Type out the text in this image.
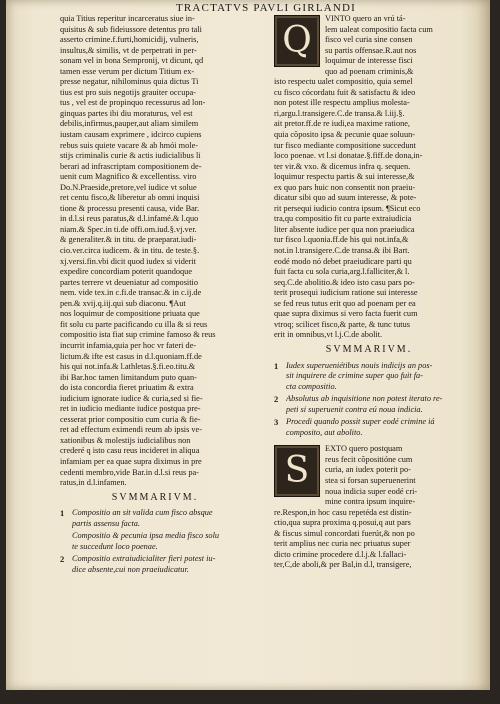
TRACTATVS PAVLI GIRLANDI
quia Titius reperitur incarceratus siue in-
quisitus & sub fideiussore detentus pro tali
asserto crimine.f.furti,homicidij, vulneris,
insultus,& similis, vt de perpetrati in per-
sonam vel in bona Sempronij, vt dicunt, qd
tamen esse verum per dictum Titium ex-
presse negatur, nihilominus quia dictus Ti
tius est pro suis negotijs grauiter occupa-
tus , vel est de propinquo recessurus ad lon-
ginquas partes ibi diu moraturus, vel est
debilis,infirmus,pauper,aut aliam similem
iustam causam exprimere , idcirco cupiens
rebus suis quiete vacare & ab hmói mole-
stijs criminalis curie & actis iudicialibus li
berari ad infrascriptam compositionem de-
uenit cum Magnifico & excellentiss. viro
Do.N.Praeside,pretore,vel iudice vt solue
ret centu fisco,& liberetur ab omni inquisi
tione & processu presenti causa, vide Bar.
in d.l.si reus paratus,& d.l.infamé.& l.quo
niam.& Spec.in ti.de offi.om.iud.§.vj.ver.
& generaliter.& in titu. de praeparat.iudi-
cio.ver.circa iudicem. & in titu. de teste.§.
xj.versi.fin.vbi dicit quod iudex si viderit
expedire concordiam poterit quandoque
partes terrere vt deueniatur ad compositio
nem. vide tex.in c.fi.de transac.& in c.ij.de
pen.& xvij.q.iij.qui sub diaconu. ¶Aut
nos loquimur de compositione priuata que
fit solu cu parte pacificando cu illa & si reus
compositio ista fiat sup crimine famoso & reus
incurrit infamia,quia per hoc vr fateri de-
lictum.& ifte est casus in d.l.quoniam.ff.de
his qui not.infa.& l.athletas.§.fi.eo.titu.&
ibi Bar.hoc tamen limitandum puto quan-
do ista concordia fieret priuatim & extra
iudicium ignorate iudice & curia,sed si fie-
ret in iudicio mediante iudice postqua pre-
cesserat prior compositio cum curia & fie-
ret ad effectum eximendi reum ab ipsis ve-
xationibus & molestijs iudicialibus non
crederé q isto casu reus incideret in aliqua
infamiam per ea quae supra diximus in pre
cedenti membro,vide Bar.in d.l.si reus pa-
ratus,in d.l.infamen.
SVMMARIVM.
1 Compositio an sit valida cum fisco absque
partis assensu facta.
Compositio & pecunia ipsa media fisco solu
te succedunt loco poenae.
2 Compositio extraiudicialiter fieri potest iu-
dice absente,cui non praeiudicatur.
Q
VINTO quero an vrú tá-
lem ualeat compositio facta cum
fisco vel curia sine consen
su partis offensae.R.aut nos
loquimur de interesse fisci
quo ad poenam criminis,&
isto respectu ualet compositio, quia semel
cu fisco cócordatu fuit & satisfactu & ideo
non potest ille respectu amplius molesta-
ri,argu.l.transigere.C.de transa.& l.iij.§.
ait pretor.ff.de re iudi,ea maxime ratione,
quia cõposito ipsa & pecunie quae soluun-
tur fisco mediante compositione succedunt
loco poenae. vt l.si donatae.§.fiff.de dona,in-
ter vir.& vxo. & dicemus infra q. sequen.
loquimur respectu partis & sui interesse,&
ex quo pars huic non consentit non praeiu-
dicatur sibi quo ad suum interesse, & pote-
rit persequi iudicio contra ipsum. ¶Sicut eco
tra,qu compositio fit cu parte extraiudicia
liter absente iudice per qua non praeiudica
tur fisco l.quonia.ff.de his qui not.infa,&
not.in l.transigere.C.de transa.& ibi Bart.
eodé modo nó debet praeiudicare parti qu
fuit facta cu sola curia,arg.l.falliciter,& l.
seq.C.de abolitio.& ideo isto casu pars po-
terit prosequi iudicium ratione sui interesse
se fed reus tutus erit quo ad poenam per ea
quae supra diximus si vero facta fuerit cum
vtroq; scilicet fisco,& parte, & tunc tutus
erit in omnibus,vt l.j.C.de abolit.
SVMMARIVM.
1 Iudex superueniétibus nouis indicijs an pos-
sit inquirere de crimine super quo fuit fa-
cta compositio.
2 Absolutus ab inquisitione non potest iterato re-
peti si superuenit contra eú noua indicia.
3 Procedi quando possit super eodé crimine iá
composito, aut abolito.
S
EXTO quero postquam
reus fecit cõpositióne cum
curia, an iudex poterit po-
stea si forsan superuenerint
noua indicia super eodé cri-
mine contra ipsum inquire-
re.Respon,in hoc casu repetéda est distin-
ctio,qua supra proxima q.posui,q aut pars
& fiscus simul concordati fuerút,& non po
terit amplius nec curia nec priuatus super
dicto crimine procedere d.l.j.& l.fallaci-
ter,C,de aboli,& per Bal,in d.l, transigere,
